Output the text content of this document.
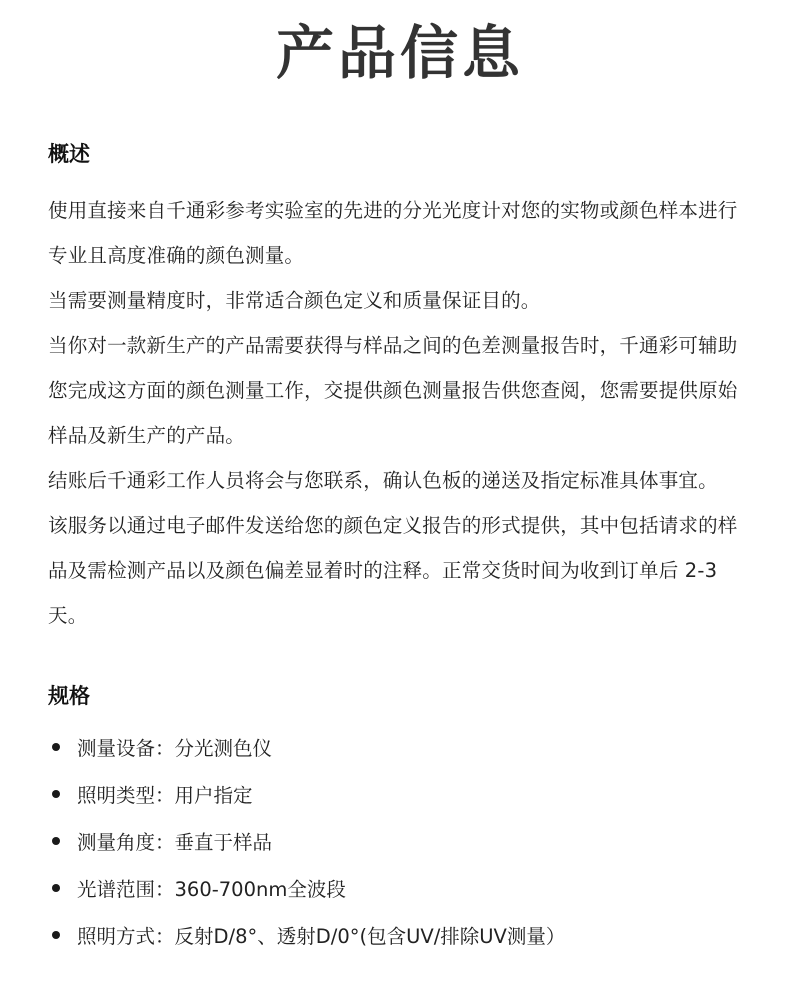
产品信息
概述

使用直接来自千通彩参考实验室的先进的分光光度计对您的实物或颜色样本进行专业且高度准确的颜色测量。

当需要测量精度时，非常适合颜色定义和质量保证目的。

当你对一款新生产的产品需要获得与样品之间的色差测量报告时，千通彩可辅助您完成这方面的颜色测量工作，交提供颜色测量报告供您查阅，您需要提供原始样品及新生产的产品。

结账后千通彩工作人员将会与您联系，确认色板的递送及指定标准具体事宜。

该服务以通过电子邮件发送给您的颜色定义报告的形式提供，其中包括请求的样品及需检测产品以及颜色偏差显着时的注释。正常交货时间为收到订单后 2-3 天。

规格
测量设备：分光测色仪
照明类型：用户指定
测量角度：垂直于样品
光谱范围：360-700nm全波段
照明方式：反射D/8°、透射D/0°(包含UV/排除UV测量）
